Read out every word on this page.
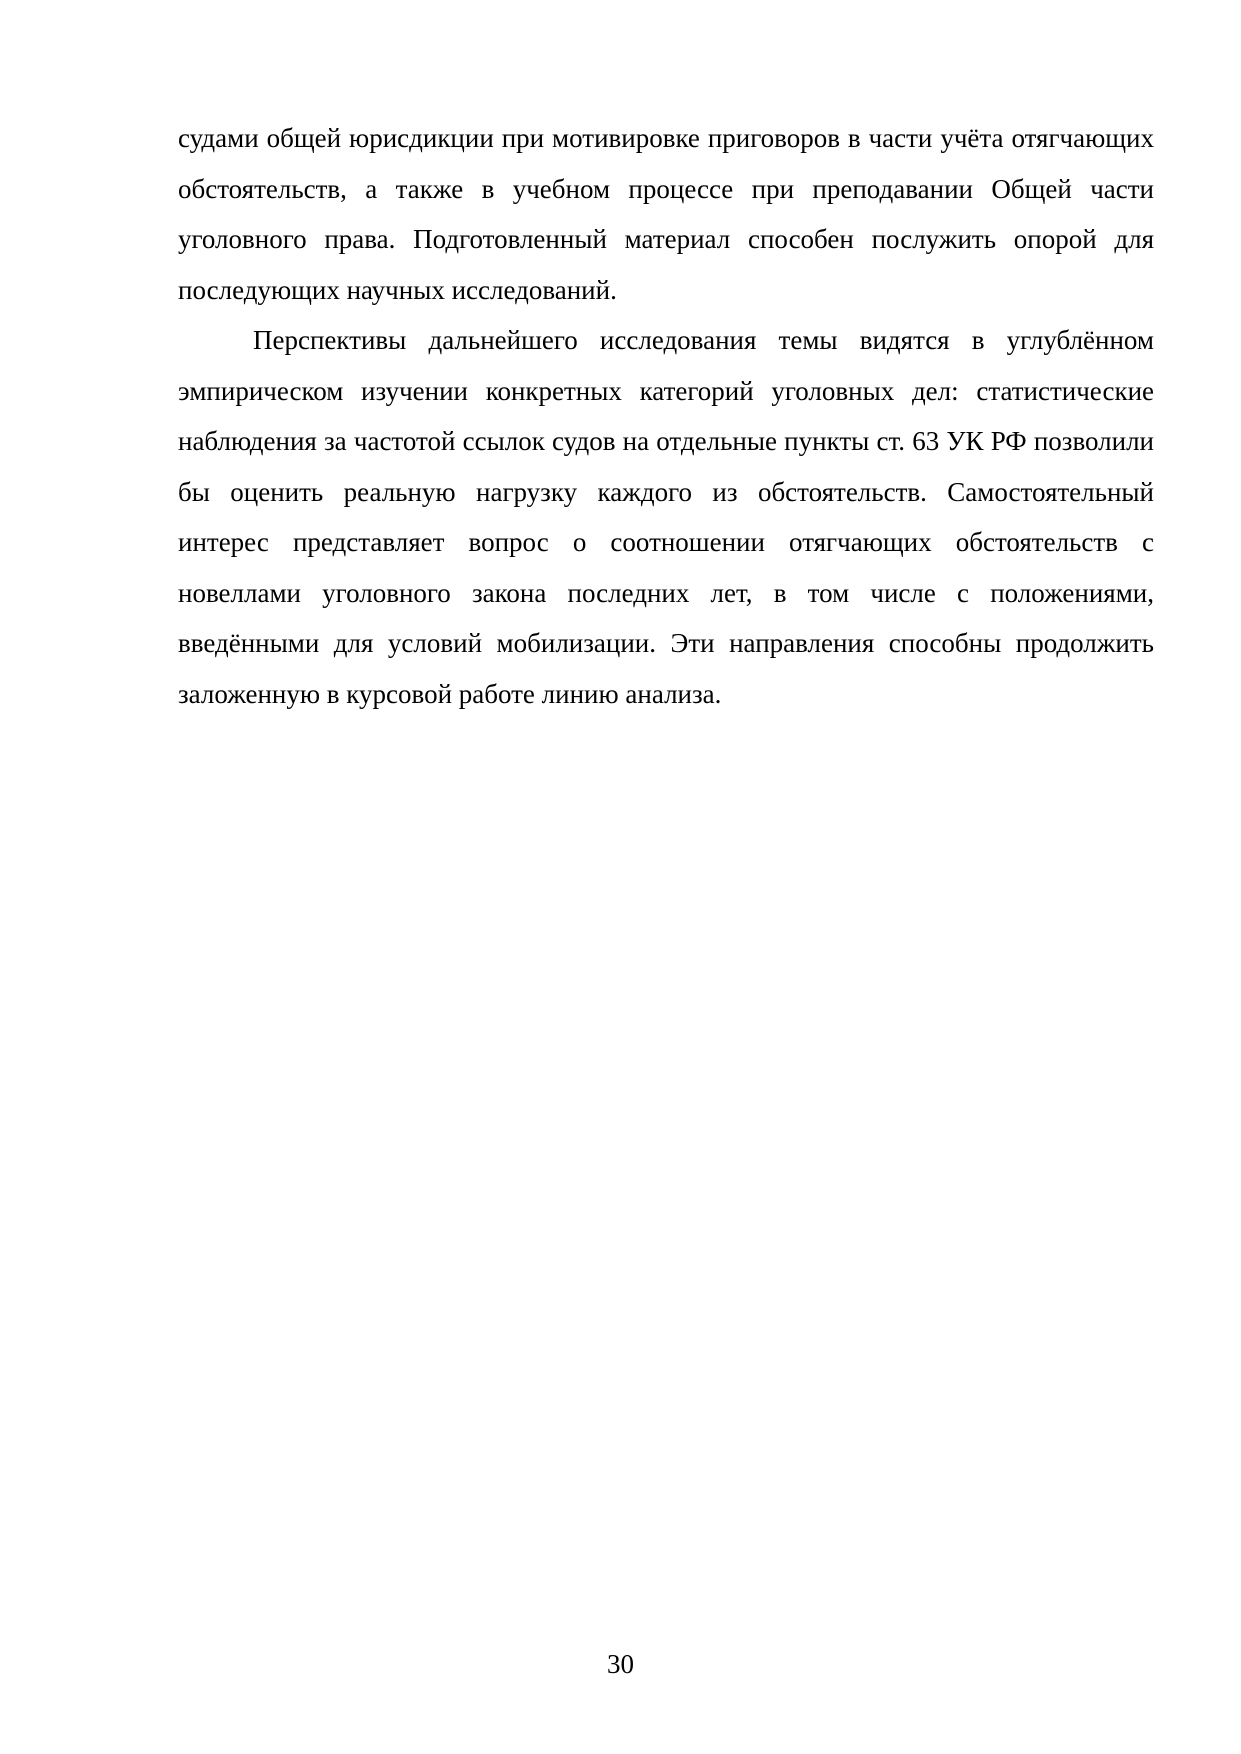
судами общей юрисдикции при мотивировке приговоров в части учёта отягчающих обстоятельств, а также в учебном процессе при преподавании Общей части уголовного права. Подготовленный материал способен послужить опорой для последующих научных исследований.

Перспективы дальнейшего исследования темы видятся в углублённом эмпирическом изучении конкретных категорий уголовных дел: статистические наблюдения за частотой ссылок судов на отдельные пункты ст. 63 УК РФ позволили бы оценить реальную нагрузку каждого из обстоятельств. Самостоятельный интерес представляет вопрос о соотношении отягчающих обстоятельств с новеллами уголовного закона последних лет, в том числе с положениями, введёнными для условий мобилизации. Эти направления способны продолжить заложенную в курсовой работе линию анализа.

30
